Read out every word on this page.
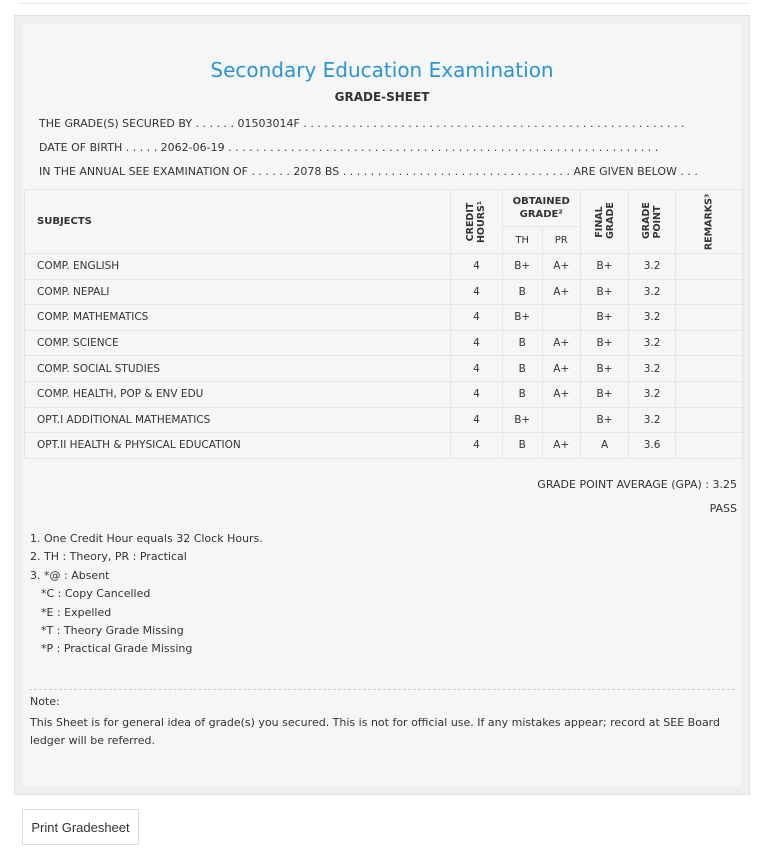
Secondary Education Examination
GRADE-SHEET
THE GRADE(S) SECURED BY . . . . . . 01503014F . . . . . . . . . . . . . . . . . . . . . . . . . . . . . . . . . . . . . . . . . . . . . . . . . . . . . . .
DATE OF BIRTH . . . . . 2062-06-19 . . . . . . . . . . . . . . . . . . . . . . . . . . . . . . . . . . . . . . . . . . . . . . . . . . . . . . . . . . . . . .
IN THE ANNUAL SEE EXAMINATION OF . . . . . . 2078 BS . . . . . . . . . . . . . . . . . . . . . . . . . . . . . . . . . ARE GIVEN BELOW . . .
SUBJECTS	CREDIT HOURS¹	OBTAINED GRADE²		FINAL GRADE	GRADE POINT	REMARKS³

		TH	PR			
COMP. ENGLISH	4	B+	A+	B+	3.2	
COMP. NEPALI	4	B	A+	B+	3.2	
COMP. MATHEMATICS	4	B+		B+	3.2	
COMP. SCIENCE	4	B	A+	B+	3.2	
COMP. SOCIAL STUDIES	4	B	A+	B+	3.2	
COMP. HEALTH, POP & ENV EDU	4	B	A+	B+	3.2	
OPT.I ADDITIONAL MATHEMATICS	4	B+		B+	3.2	
OPT.II HEALTH & PHYSICAL EDUCATION	4	B	A+	A	3.6	
GRADE POINT AVERAGE (GPA) : 3.25
PASS
1. One Credit Hour equals 32 Clock Hours.
2. TH : Theory, PR : Practical
3. *@ : Absent
*C : Copy Cancelled
*E : Expelled
*T : Theory Grade Missing
*P : Practical Grade Missing
Note:
This Sheet is for general idea of grade(s) you secured. This is not for official use. If any mistakes appear; record at SEE Board ledger will be referred.
Print Gradesheet
